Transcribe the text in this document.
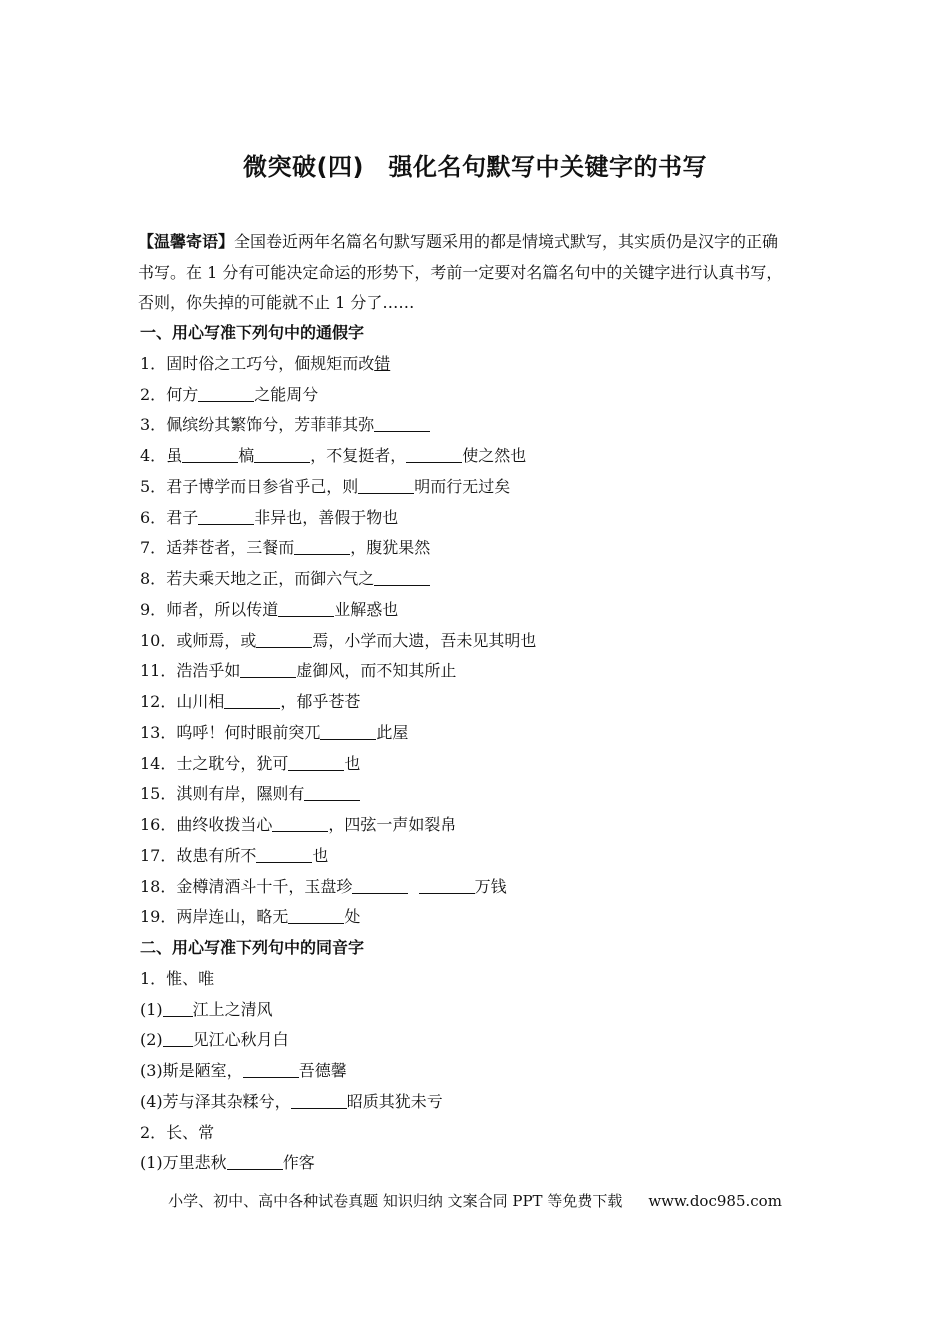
微突破(四)　强化名句默写中关键字的书写
【温馨寄语】全国卷近两年名篇名句默写题采用的都是情境式默写，其实质仍是汉字的正确
书写。在 1 分有可能决定命运的形势下，考前一定要对名篇名句中的关键字进行认真书写，
否则，你失掉的可能就不止 1 分了……
一、用心写准下列句中的通假字
1．固时俗之工巧兮，偭规矩而改错
2．何方	之能周兮
3．佩缤纷其繁饰兮，芳菲菲其弥
4．虽	槁	，不复挺者，	使之然也
5．君子博学而日参省乎己，则	明而行无过矣
6．君子	非异也，善假于物也
7．适莽苍者，三餐而	，腹犹果然
8．若夫乘天地之正，而御六气之
9．师者，所以传道	业解惑也
10．或师焉，或	焉，小学而大遗，吾未见其明也
11．浩浩乎如	虚御风，而不知其所止
12．山川相	，郁乎苍苍
13．呜呼！何时眼前突兀	此屋
14．士之耽兮，犹可	也
15．淇则有岸，隰则有
16．曲终收拨当心	，四弦一声如裂帛
17．故患有所不	也
18．金樽清酒斗十千，玉盘珍	万钱
19．两岸连山，略无	处
二、用心写准下列句中的同音字
1．惟、唯
(1) 江上之清风
(2) 见江心秋月白
(3)斯是陋室，	吾德馨
(4)芳与泽其杂糅兮，	昭质其犹未亏
2．长、常
(1)万里悲秋	作客
小学、初中、高中各种试卷真题 知识归纳 文案合同 PPT 等免费下载 www.doc985.com
